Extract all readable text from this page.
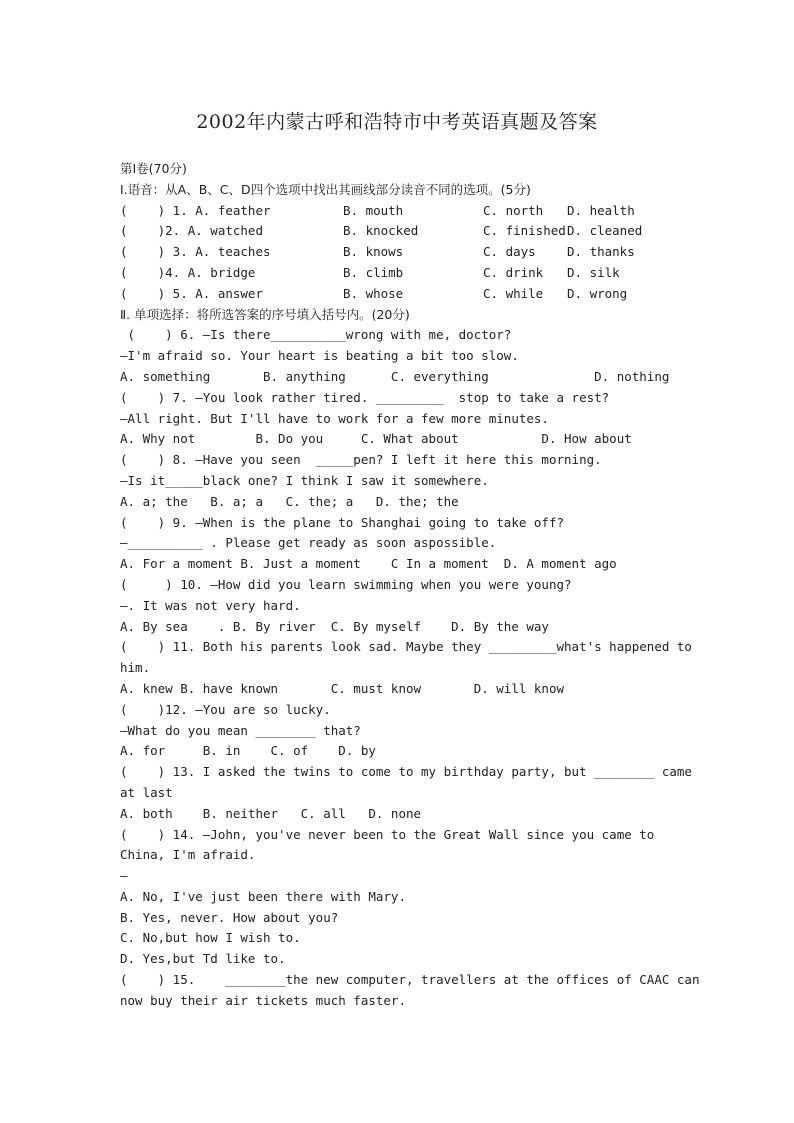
2002年内蒙古呼和浩特市中考英语真题及答案
第Ⅰ卷(70分)
Ⅰ.语音：从A、B、C、D四个选项中找出其画线部分读音不同的选项。(5分)
(    ) 1. A. feather	B. mouth	C. north D. health
(    )2. A. watched	B. knocked	C. finishedD. cleaned
(    ) 3. A. teaches	B. knows	C. days	D. thanks
(    )4. A. bridge	B. climb	C. drink D. silk
(    ) 5. A. answer	B. whose	C. while D. wrong
Ⅱ. 单项选择：将所选答案的序号填入括号内。(20分)
(    ) 6. —Is there__________wrong with me, doctor?
—I'm afraid so. Your heart is beating a bit too slow.
A. something       B. anything      C. everything              D. nothing
(    ) 7. —You look rather tired. _________  stop to take a rest?
—All right. But I'll have to work for a few more minutes.
A. Why not        B. Do you     C. What about           D. How about
(    ) 8. —Have you seen  _____pen? I left it here this morning.
—Is it_____black one? I think I saw it somewhere.
A. a; the   B. a; a   C. the; a   D. the; the
(    ) 9. —When is the plane to Shanghai going to take off?
—__________ . Please get ready as soon aspossible.
A. For a moment B. Just a moment    C In a moment  D. A moment ago
(     ) 10. —How did you learn swimming when you were young?
—. It was not very hard.
A. By sea    . B. By river  C. By myself    D. By the way
(    ) 11. Both his parents look sad. Maybe they _________what's happened to
him.
A. knew B. have known       C. must know       D. will know
(    )12. —You are so lucky.
—What do you mean ________ that?
A. for     B. in    C. of    D. by
(    ) 13. I asked the twins to come to my birthday party, but ________ came
at last
A. both    B. neither   C. all   D. none
(    ) 14. —John, you've never been to the Great Wall since you came to
China, I'm afraid.
—
A. No, I've just been there with Mary.
B. Yes, never. How about you?
C. No,but how I wish to.
D. Yes,but Td like to.
(    ) 15.    ________the new computer, travellers at the offices of CAAC can
now buy their air tickets much faster.
